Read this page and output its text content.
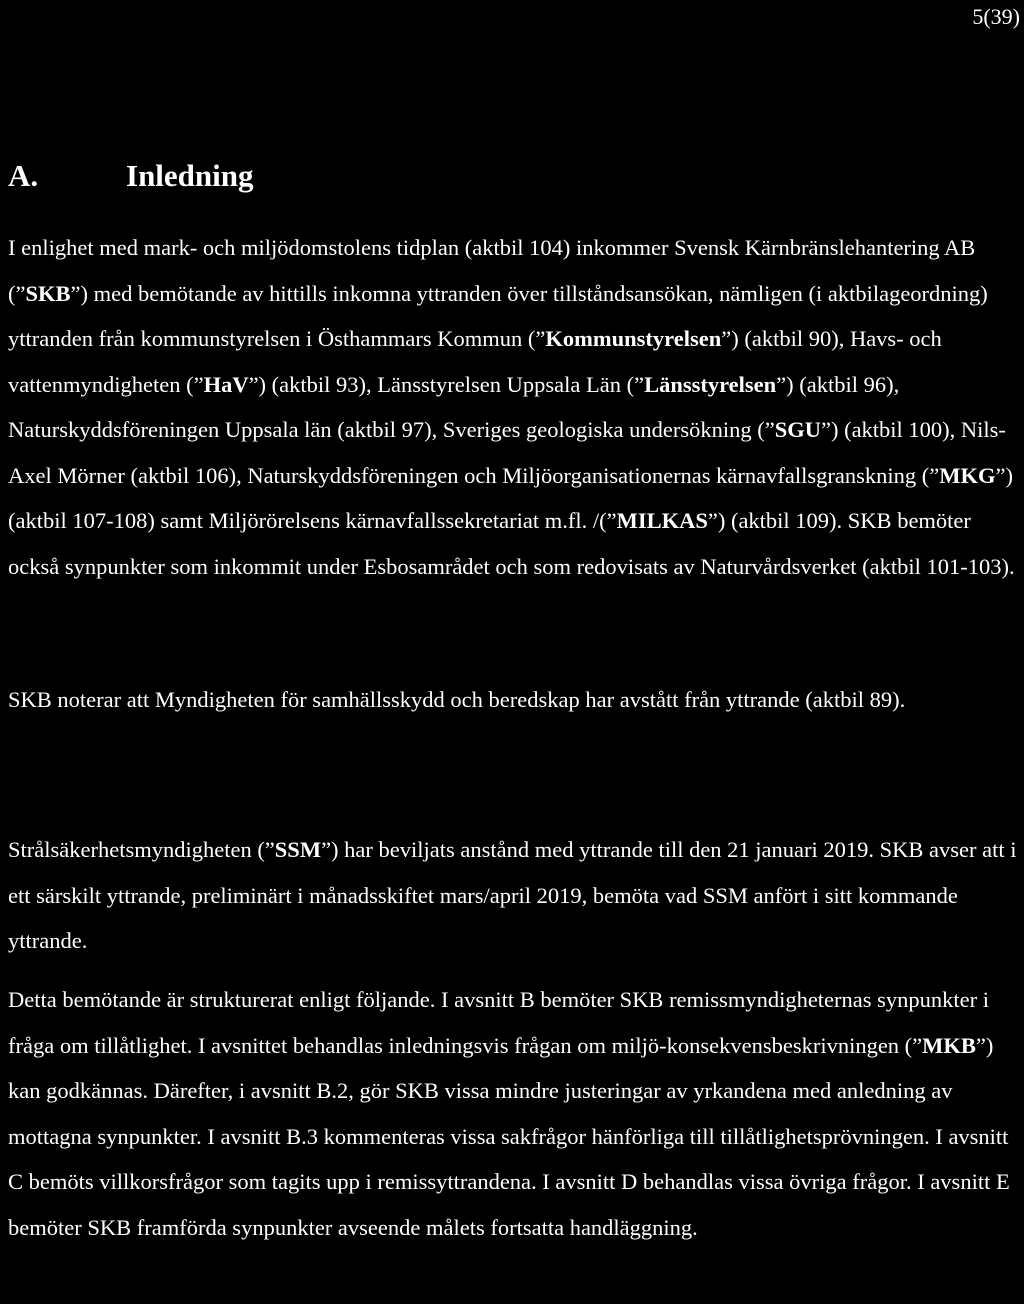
5(39)
A.	Inledning

I enlighet med mark- och miljödomstolens tidplan (aktbil 104) inkommer Svensk Kärnbränslehantering AB (”SKB”) med bemötande av hittills inkomna yttranden över tillståndsansökan, nämligen (i aktbilageordning) yttranden från kommunstyrelsen i Östhammars Kommun (”Kommunstyrelsen”) (aktbil 90), Havs- och vattenmyndigheten (”HaV”) (aktbil 93), Länsstyrelsen Uppsala Län (”Länsstyrelsen”) (aktbil 96), Naturskyddsföreningen Uppsala län (aktbil 97), Sveriges geologiska undersökning (”SGU”) (aktbil 100), Nils-Axel Mörner (aktbil 106), Naturskyddsföreningen och Miljöorganisationernas kärnavfallsgranskning (”MKG”) (aktbil 107-108) samt Miljörörelsens kärnavfallssekretariat m.fl. /(”MILKAS”) (aktbil 109). SKB bemöter också synpunkter som inkommit under Esbosamrådet och som redovisats av Naturvårdsverket (aktbil 101-103).

SKB noterar att Myndigheten för samhällsskydd och beredskap har avstått från yttrande (aktbil 89).

Strålsäkerhetsmyndigheten (”SSM”) har beviljats anstånd med yttrande till den 21 januari 2019. SKB avser att i ett särskilt yttrande, preliminärt i månadsskiftet mars/april 2019, bemöta vad SSM anfört i sitt kommande yttrande.

Detta bemötande är strukturerat enligt följande. I avsnitt B bemöter SKB remissmyndigheternas synpunkter i fråga om tillåtlighet. I avsnittet behandlas inledningsvis frågan om miljö-konsekvensbeskrivningen (”MKB”) kan godkännas. Därefter, i avsnitt B.2, gör SKB vissa mindre justeringar av yrkandena med anledning av mottagna synpunkter. I avsnitt B.3 kommenteras vissa sakfrågor hänförliga till tillåtlighetsprövningen. I avsnitt C bemöts villkorsfrågor som tagits upp i remissyttrandena. I avsnitt D behandlas vissa övriga frågor. I avsnitt E bemöter SKB framförda synpunkter avseende målets fortsatta handläggning.
